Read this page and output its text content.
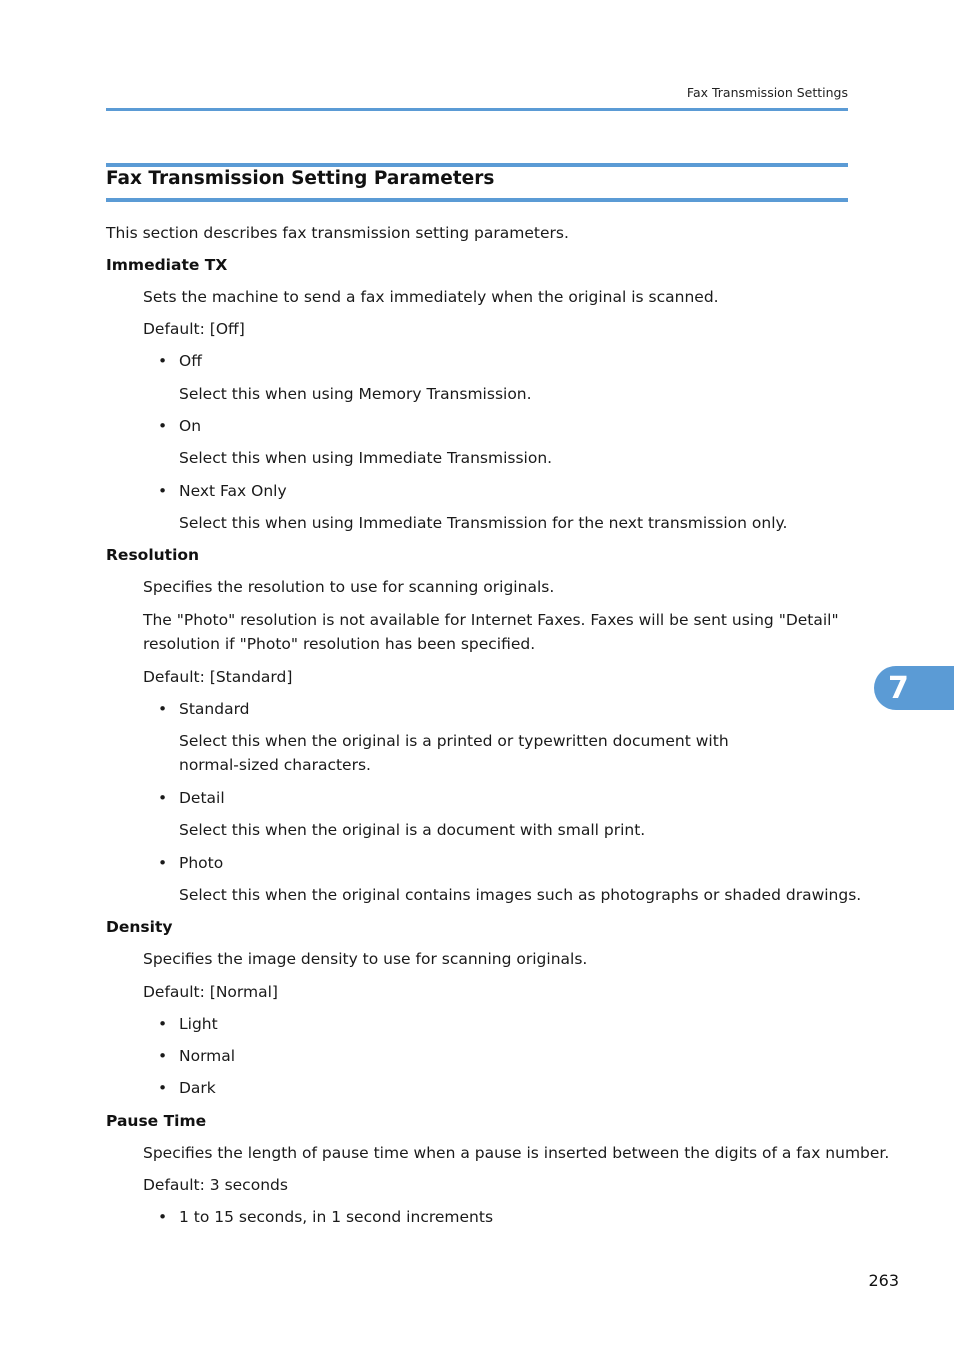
Fax Transmission Settings
Fax Transmission Setting Parameters
This section describes fax transmission setting parameters.
Immediate TX
Sets the machine to send a fax immediately when the original is scanned.
Default: [Off]
• Off
Select this when using Memory Transmission.
• On
Select this when using Immediate Transmission.
• Next Fax Only
Select this when using Immediate Transmission for the next transmission only.
Resolution
Specifies the resolution to use for scanning originals.
The "Photo" resolution is not available for Internet Faxes. Faxes will be sent using "Detail" resolution if "Photo" resolution has been specified.
Default: [Standard]
• Standard
Select this when the original is a printed or typewritten document with normal-sized characters.
• Detail
Select this when the original is a document with small print.
• Photo
Select this when the original contains images such as photographs or shaded drawings.
Density
Specifies the image density to use for scanning originals.
Default: [Normal]
• Light
• Normal
• Dark
Pause Time
Specifies the length of pause time when a pause is inserted between the digits of a fax number.
Default: 3 seconds
• 1 to 15 seconds, in 1 second increments
7
263
